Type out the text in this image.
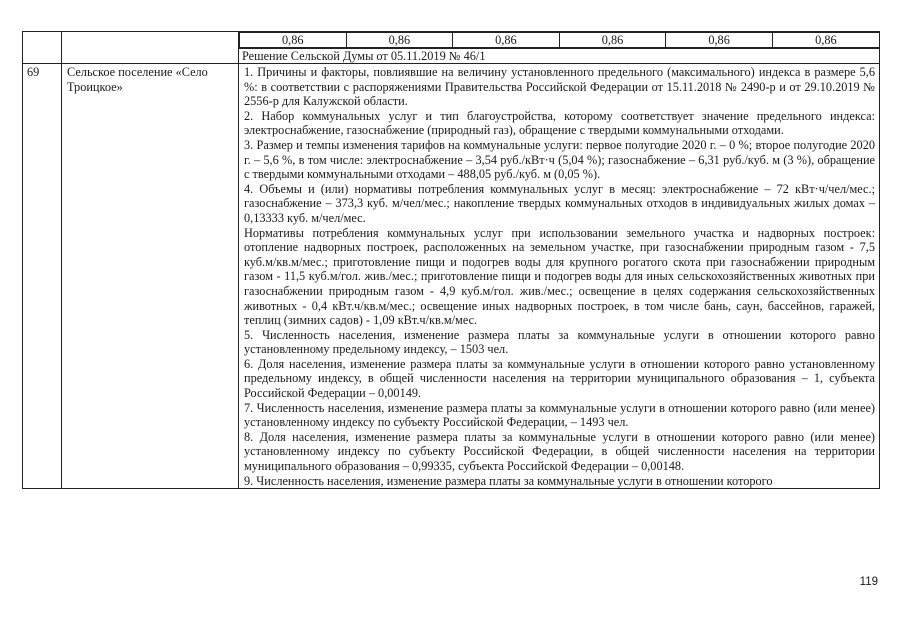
0,86	0,86	0,86	0,86	0,86	0,86
Решение Сельской Думы от 05.11.2019 № 46/1

69	Сельское поселение «Село Троицкое»	

1. Причины и факторы, повлиявшие на величину установленного предельного (максимального) индекса в размере 5,6 %: в соответствии с распоряжениями Правительства Российской Федерации от 15.11.2018 № 2490-р и от 29.10.2019 № 2556-р для Калужской области.

2. Набор коммунальных услуг и тип благоустройства, которому соответствует значение предельного индекса: электроснабжение, газоснабжение (природный газ), обращение с твердыми коммунальными отходами.

3. Размер и темпы изменения тарифов на коммунальные услуги: первое полугодие 2020 г. – 0 %; второе полугодие 2020 г. – 5,6 %, в том числе: электроснабжение – 3,54 руб./кВт·ч (5,04 %); газоснабжение – 6,31 руб./куб. м (3 %), обращение с твердыми коммунальными отходами – 488,05 руб./куб. м (0,05 %).

4. Объемы и (или) нормативы потребления коммунальных услуг в месяц: электроснабжение – 72 кВт·ч/чел/мес.; газоснабжение – 373,3 куб. м/чел/мес.; накопление твердых коммунальных отходов в индивидуальных жилых домах – 0,13333 куб. м/чел/мес.

Нормативы потребления коммунальных услуг при использовании земельного участка и надворных построек: отопление надворных построек, расположенных на земельном участке, при газоснабжении природным газом - 7,5 куб.м/кв.м/мес.; приготовление пищи и подогрев воды для крупного рогатого скота при газоснабжении природным газом - 11,5 куб.м/гол. жив./мес.; приготовление пищи и подогрев воды для иных сельскохозяйственных животных при газоснабжении природным газом - 4,9 куб.м/гол. жив./мес.; освещение в целях содержания сельскохозяйственных животных - 0,4 кВт.ч/кв.м/мес.; освещение иных надворных построек, в том числе бань, саун, бассейнов, гаражей, теплиц (зимних садов) - 1,09 кВт.ч/кв.м/мес.

5. Численность населения, изменение размера платы за коммунальные услуги в отношении которого равно установленному предельному индексу, – 1503 чел.

6. Доля населения, изменение размера платы за коммунальные услуги в отношении которого равно установленному предельному индексу, в общей численности населения на территории муниципального образования – 1, субъекта Российской Федерации – 0,00149.

7. Численность населения, изменение размера платы за коммунальные услуги в отношении которого равно (или менее) установленному индексу по субъекту Российской Федерации, – 1493 чел.

8. Доля населения, изменение размера платы за коммунальные услуги в отношении которого равно (или менее) установленному индексу по субъекту Российской Федерации, в общей численности населения на территории муниципального образования – 0,99335, субъекта Российской Федерации – 0,00148.

9. Численность населения, изменение размера платы за коммунальные услуги в отношении которого

119
